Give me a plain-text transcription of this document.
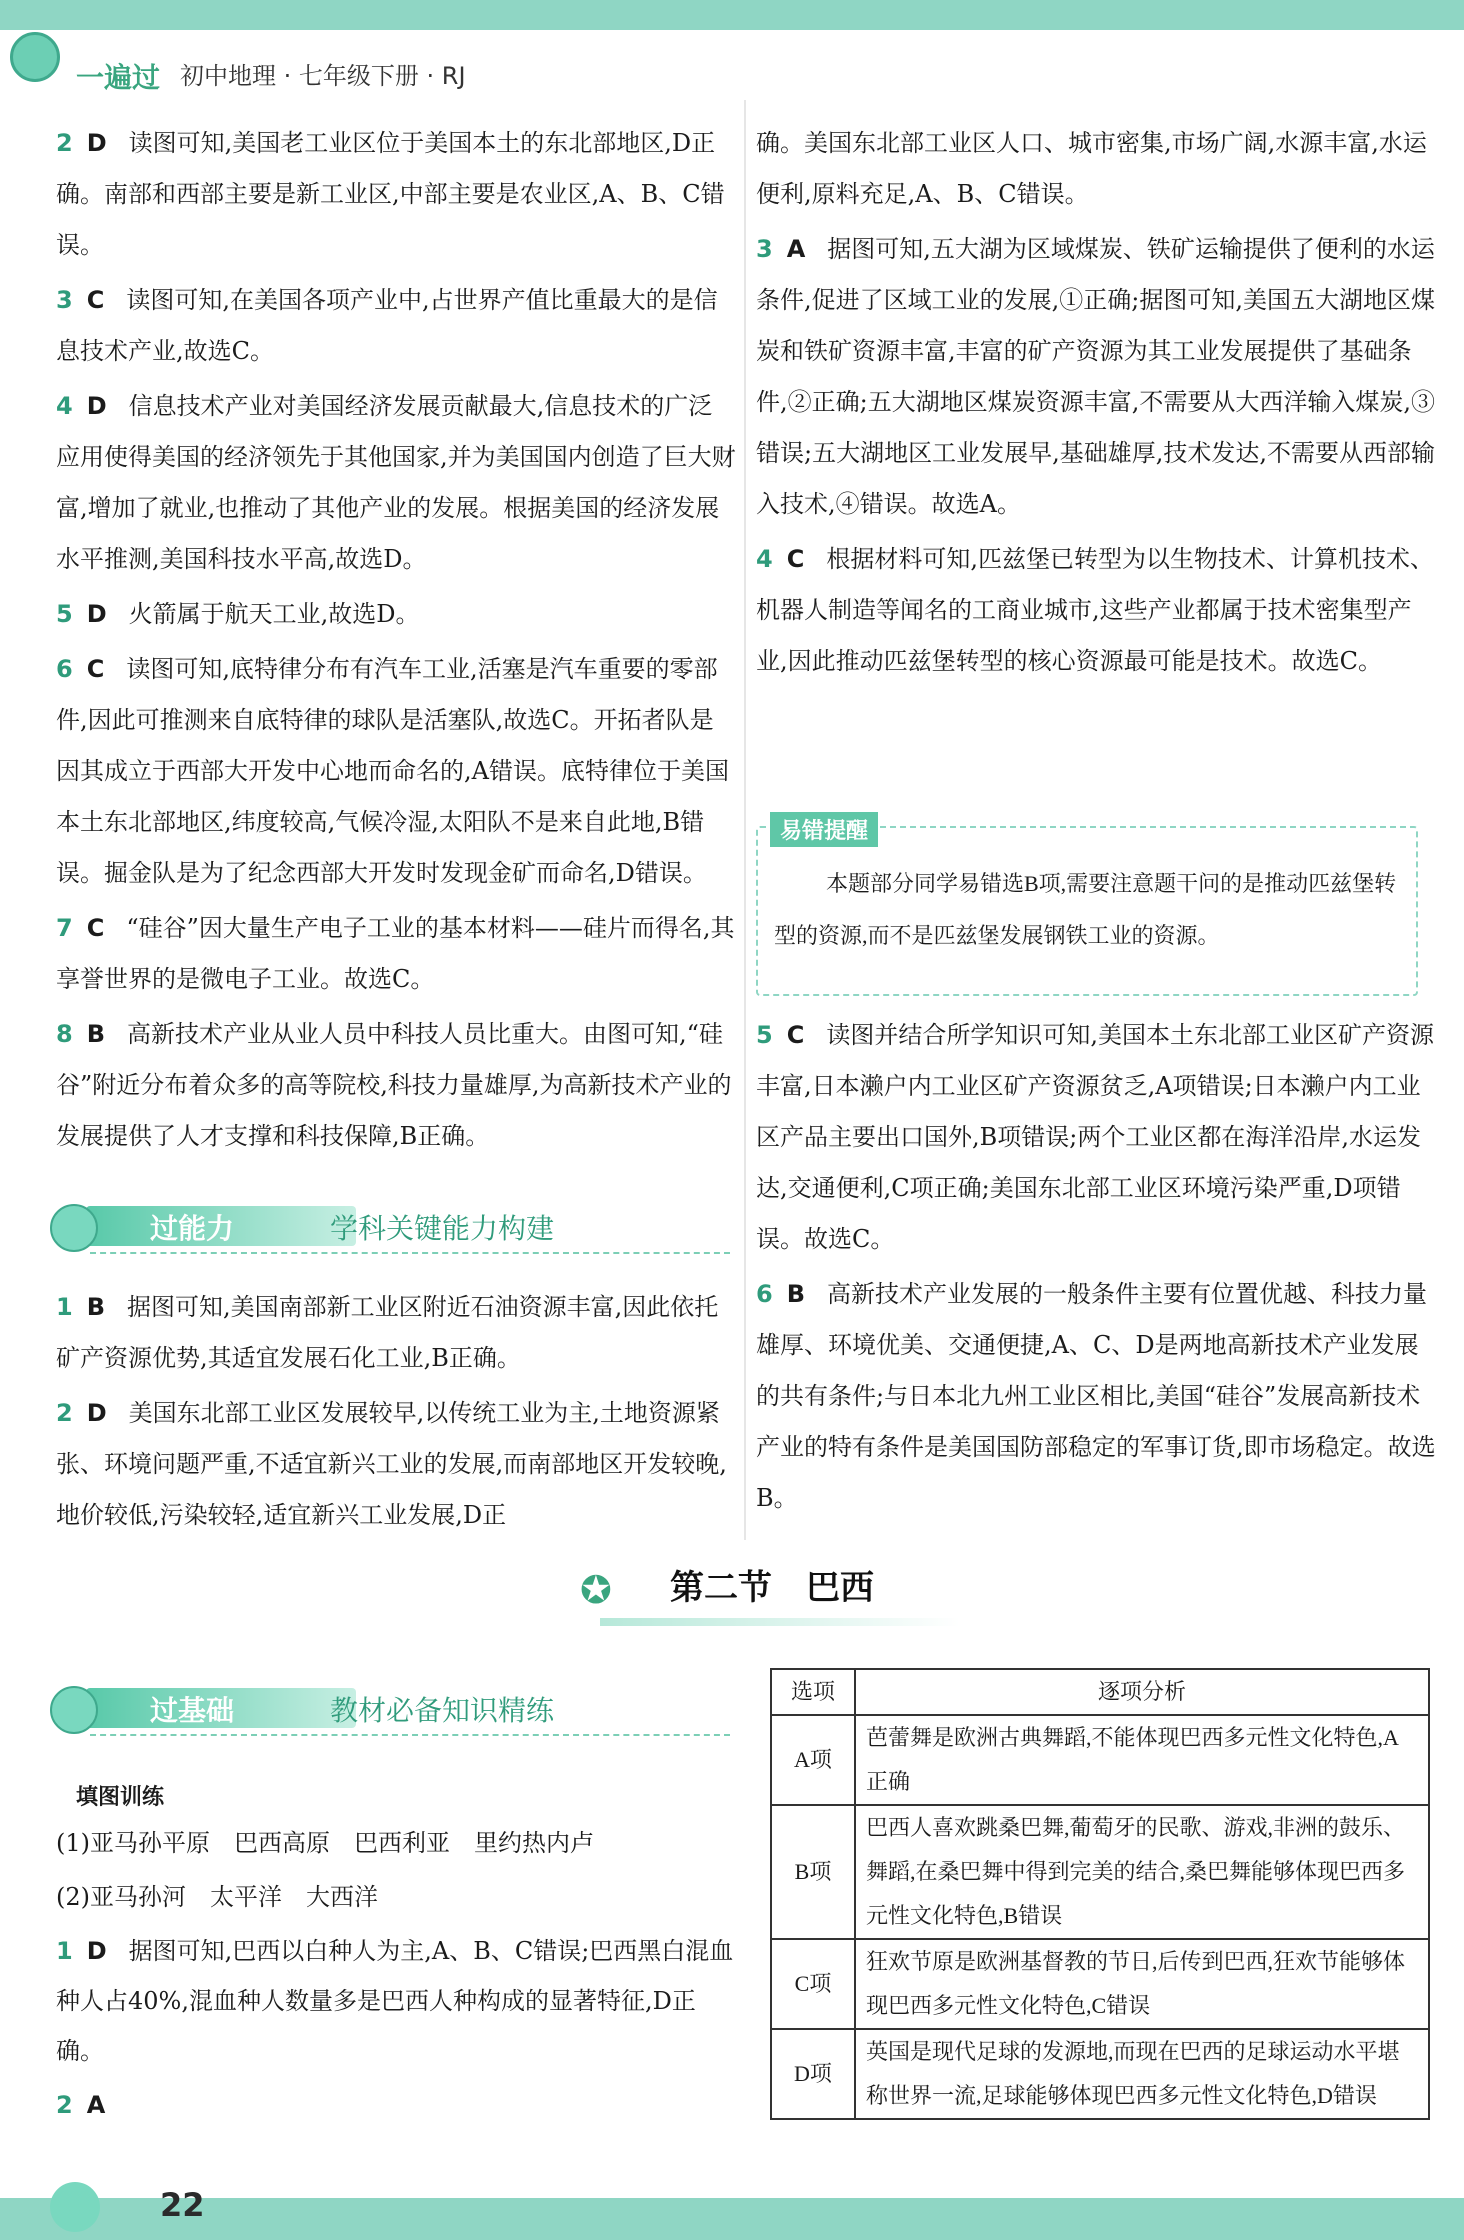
一遍过 初中地理 · 七年级下册 · RJ

2 D 读图可知,美国老工业区位于美国本土的东北部地区,D正确。南部和西部主要是新工业区,中部主要是农业区,A、B、C错误。

3 C 读图可知,在美国各项产业中,占世界产值比重最大的是信息技术产业,故选C。

4 D 信息技术产业对美国经济发展贡献最大,信息技术的广泛应用使得美国的经济领先于其他国家,并为美国国内创造了巨大财富,增加了就业,也推动了其他产业的发展。根据美国的经济发展水平推测,美国科技水平高,故选D。

5 D 火箭属于航天工业,故选D。

6 C 读图可知,底特律分布有汽车工业,活塞是汽车重要的零部件,因此可推测来自底特律的球队是活塞队,故选C。开拓者队是因其成立于西部大开发中心地而命名的,A错误。底特律位于美国本土东北部地区,纬度较高,气候冷湿,太阳队不是来自此地,B错误。掘金队是为了纪念西部大开发时发现金矿而命名,D错误。

7 C “硅谷”因大量生产电子工业的基本材料——硅片而得名,其享誉世界的是微电子工业。故选C。

8 B 高新技术产业从业人员中科技人员比重大。由图可知,“硅谷”附近分布着众多的高等院校,科技力量雄厚,为高新技术产业的发展提供了人才支撑和科技保障,B正确。

过能力	学科关键能力构建

1 B 据图可知,美国南部新工业区附近石油资源丰富,因此依托矿产资源优势,其适宜发展石化工业,B正确。

2 D 美国东北部工业区发展较早,以传统工业为主,土地资源紧张、环境问题严重,不适宜新兴工业的发展,而南部地区开发较晚,地价较低,污染较轻,适宜新兴工业发展,D正

确。美国东北部工业区人口、城市密集,市场广阔,水源丰富,水运便利,原料充足,A、B、C错误。

3 A 据图可知,五大湖为区域煤炭、铁矿运输提供了便利的水运条件,促进了区域工业的发展,①正确;据图可知,美国五大湖地区煤炭和铁矿资源丰富,丰富的矿产资源为其工业发展提供了基础条件,②正确;五大湖地区煤炭资源丰富,不需要从大西洋输入煤炭,③错误;五大湖地区工业发展早,基础雄厚,技术发达,不需要从西部输入技术,④错误。故选A。

4 C 根据材料可知,匹兹堡已转型为以生物技术、计算机技术、机器人制造等闻名的工商业城市,这些产业都属于技术密集型产业,因此推动匹兹堡转型的核心资源最可能是技术。故选C。

易错提醒
本题部分同学易错选B项,需要注意题干问的是推动匹兹堡转型的资源,而不是匹兹堡发展钢铁工业的资源。

5 C 读图并结合所学知识可知,美国本土东北部工业区矿产资源丰富,日本濑户内工业区矿产资源贫乏,A项错误;日本濑户内工业区产品主要出口国外,B项错误;两个工业区都在海洋沿岸,水运发达,交通便利,C项正确;美国东北部工业区环境污染严重,D项错误。故选C。

6 B 高新技术产业发展的一般条件主要有位置优越、科技力量雄厚、环境优美、交通便捷,A、C、D是两地高新技术产业发展的共有条件;与日本北九州工业区相比,美国“硅谷”发展高新技术产业的特有条件是美国国防部稳定的军事订货,即市场稳定。故选B。

✪ 第二节　巴西
过基础	教材必备知识精练
填图训练

(1)亚马孙平原　巴西高原　巴西利亚　里约热内卢

(2)亚马孙河　太平洋　大西洋

1 D 据图可知,巴西以白种人为主,A、B、C错误;巴西黑白混血种人占40%,混血种人数量多是巴西人种构成的显著特征,D正确。

2 A

选项	逐项分析
A项	芭蕾舞是欧洲古典舞蹈,不能体现巴西多元性文化特色,A正确
B项	巴西人喜欢跳桑巴舞,葡萄牙的民歌、游戏,非洲的鼓乐、舞蹈,在桑巴舞中得到完美的结合,桑巴舞能够体现巴西多元性文化特色,B错误
C项	狂欢节原是欧洲基督教的节日,后传到巴西,狂欢节能够体现巴西多元性文化特色,C错误
D项	英国是现代足球的发源地,而现在巴西的足球运动水平堪称世界一流,足球能够体现巴西多元性文化特色,D错误
22
